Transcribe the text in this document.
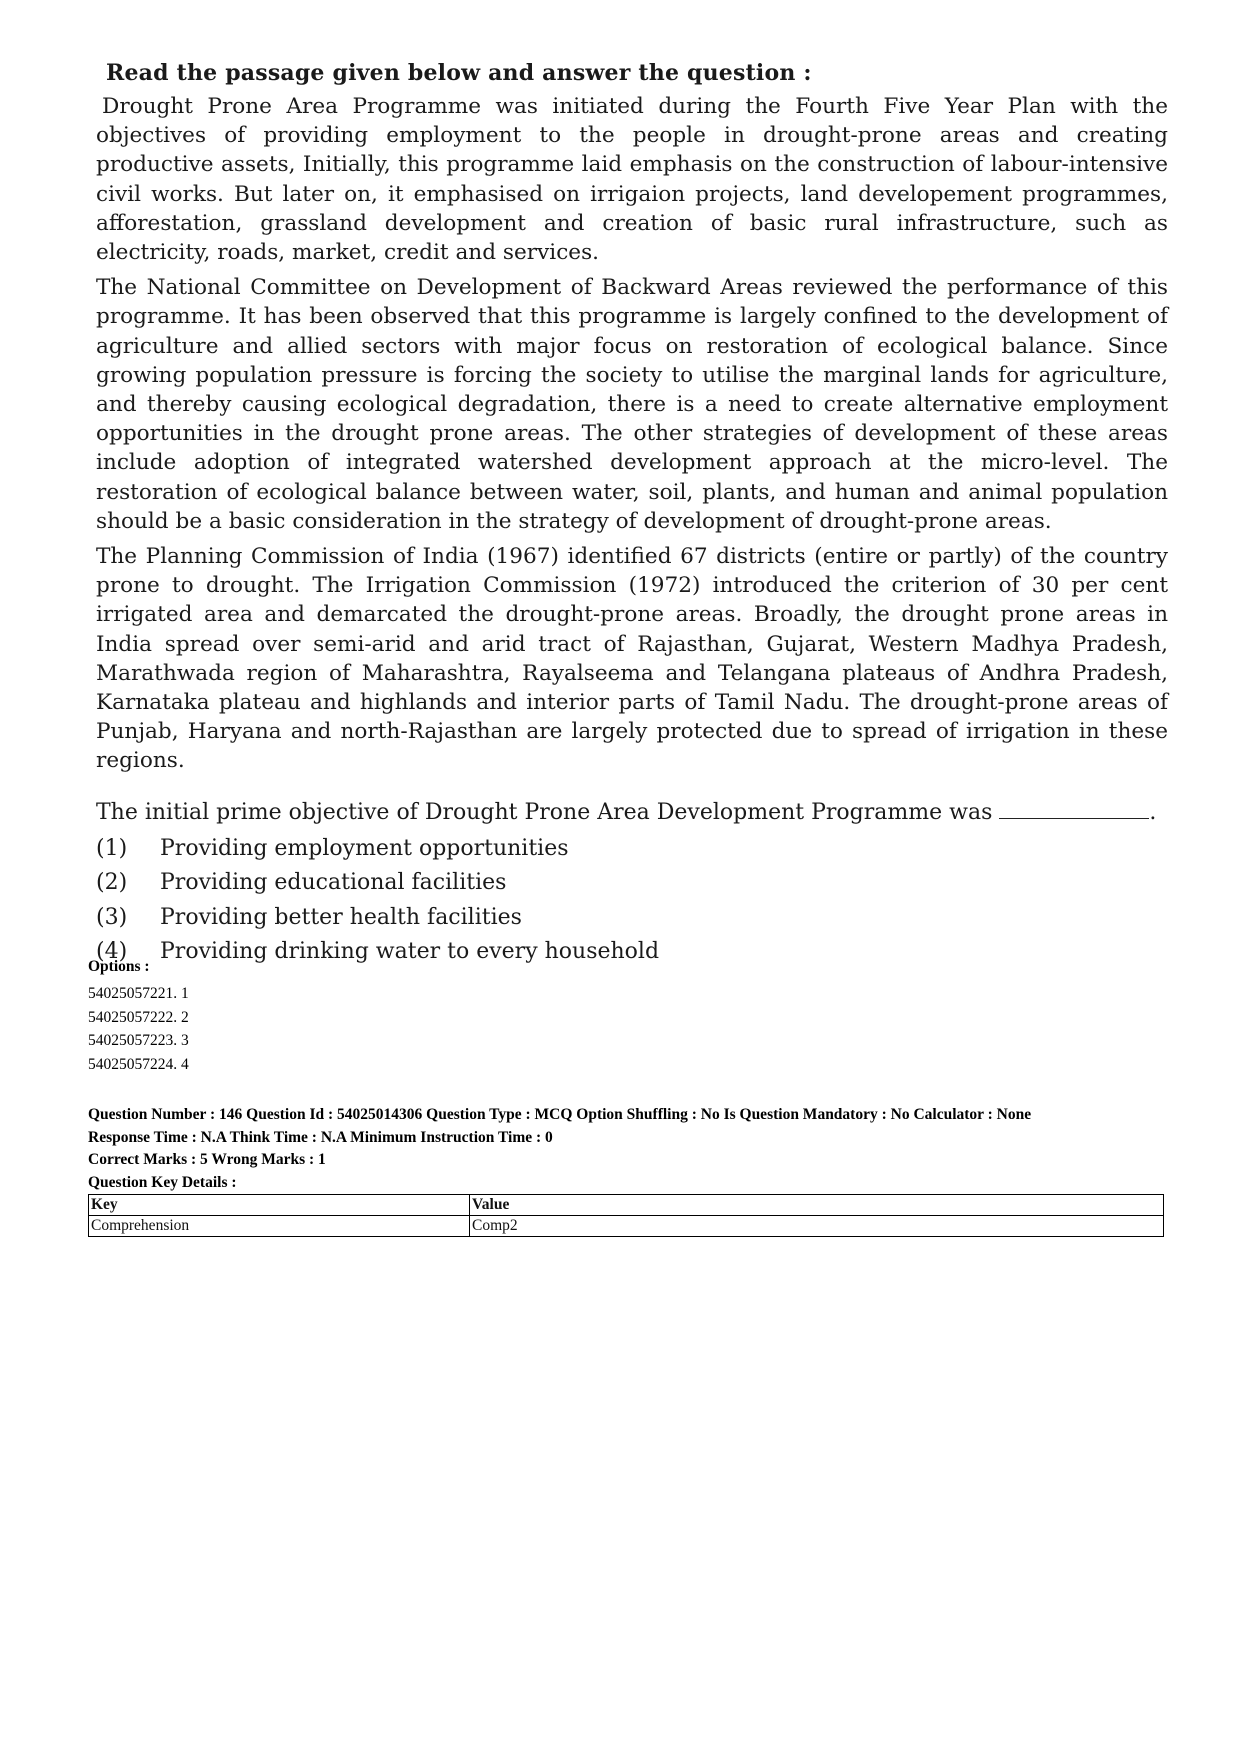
Read the passage given below and answer the question :

Drought Prone Area Programme was initiated during the Fourth Five Year Plan with the objectives of providing employment to the people in drought-prone areas and creating productive assets, Initially, this programme laid emphasis on the construction of labour-intensive civil works. But later on, it emphasised on irrigaion projects, land developement programmes, afforestation, grassland development and creation of basic rural infrastructure, such as electricity, roads, market, credit and services.

The National Committee on Development of Backward Areas reviewed the performance of this programme. It has been observed that this programme is largely confined to the development of agriculture and allied sectors with major focus on restoration of ecological balance. Since growing population pressure is forcing the society to utilise the marginal lands for agriculture, and thereby causing ecological degradation, there is a need to create alternative employment opportunities in the drought prone areas. The other strategies of development of these areas include adoption of integrated watershed development approach at the micro-level. The restoration of ecological balance between water, soil, plants, and human and animal population should be a basic consideration in the strategy of development of drought-prone areas.

The Planning Commission of India (1967) identified 67 districts (entire or partly) of the country prone to drought. The Irrigation Commission (1972) introduced the criterion of 30 per cent irrigated area and demarcated the drought-prone areas. Broadly, the drought prone areas in India spread over semi-arid and arid tract of Rajasthan, Gujarat, Western Madhya Pradesh, Marathwada region of Maharashtra, Rayalseema and Telangana plateaus of Andhra Pradesh, Karnataka plateau and highlands and interior parts of Tamil Nadu. The drought-prone areas of Punjab, Haryana and north-Rajasthan are largely protected due to spread of irrigation in these regions.

The initial prime objective of Drought Prone Area Development Programme was	.
(1)	Providing employment opportunities
(2)	Providing educational facilities
(3)	Providing better health facilities
(4)	Providing drinking water to every household
Options :
54025057221. 1
54025057222. 2
54025057223. 3
54025057224. 4
Question Number : 146 Question Id : 54025014306 Question Type : MCQ Option Shuffling : No Is Question Mandatory : No Calculator : None
Response Time : N.A Think Time : N.A Minimum Instruction Time : 0
Correct Marks : 5 Wrong Marks : 1
Question Key Details :
Key	Value
Comprehension	Comp2
